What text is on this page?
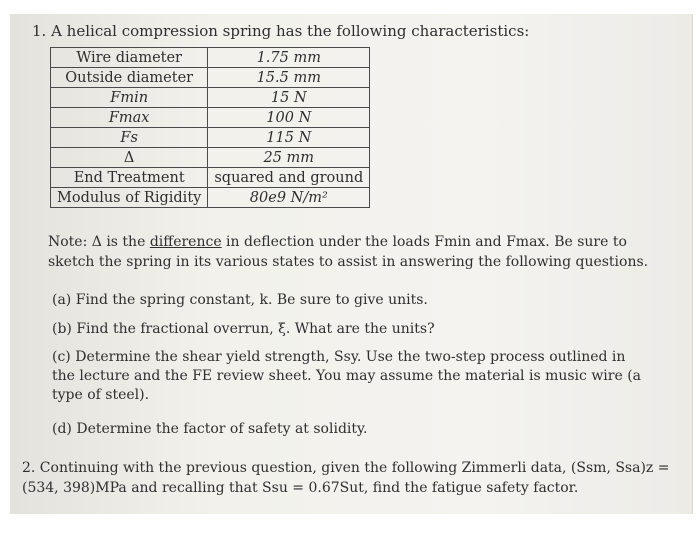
1. A helical compression spring has the following characteristics:
Wire diameter	1.75 mm
Outside diameter	15.5 mm
Fmin	15 N
Fmax	100 N
Fs	115 N
Δ	25 mm
End Treatment	squared and ground
Modulus of Rigidity	80e9 N/m²
Note: Δ is the difference in deflection under the loads Fmin and Fmax. Be sure to sketch the spring in its various states to assist in answering the following questions.
(a) Find the spring constant, k. Be sure to give units.
(b) Find the fractional overrun, ξ. What are the units?
(c) Determine the shear yield strength, Ssy. Use the two-step process outlined in the lecture and the FE review sheet. You may assume the material is music wire (a type of steel).
(d) Determine the factor of safety at solidity.
2. Continuing with the previous question, given the following Zimmerli data, (Ssm, Ssa)z = (534, 398)MPa and recalling that Ssu = 0.67Sut, find the fatigue safety factor.
